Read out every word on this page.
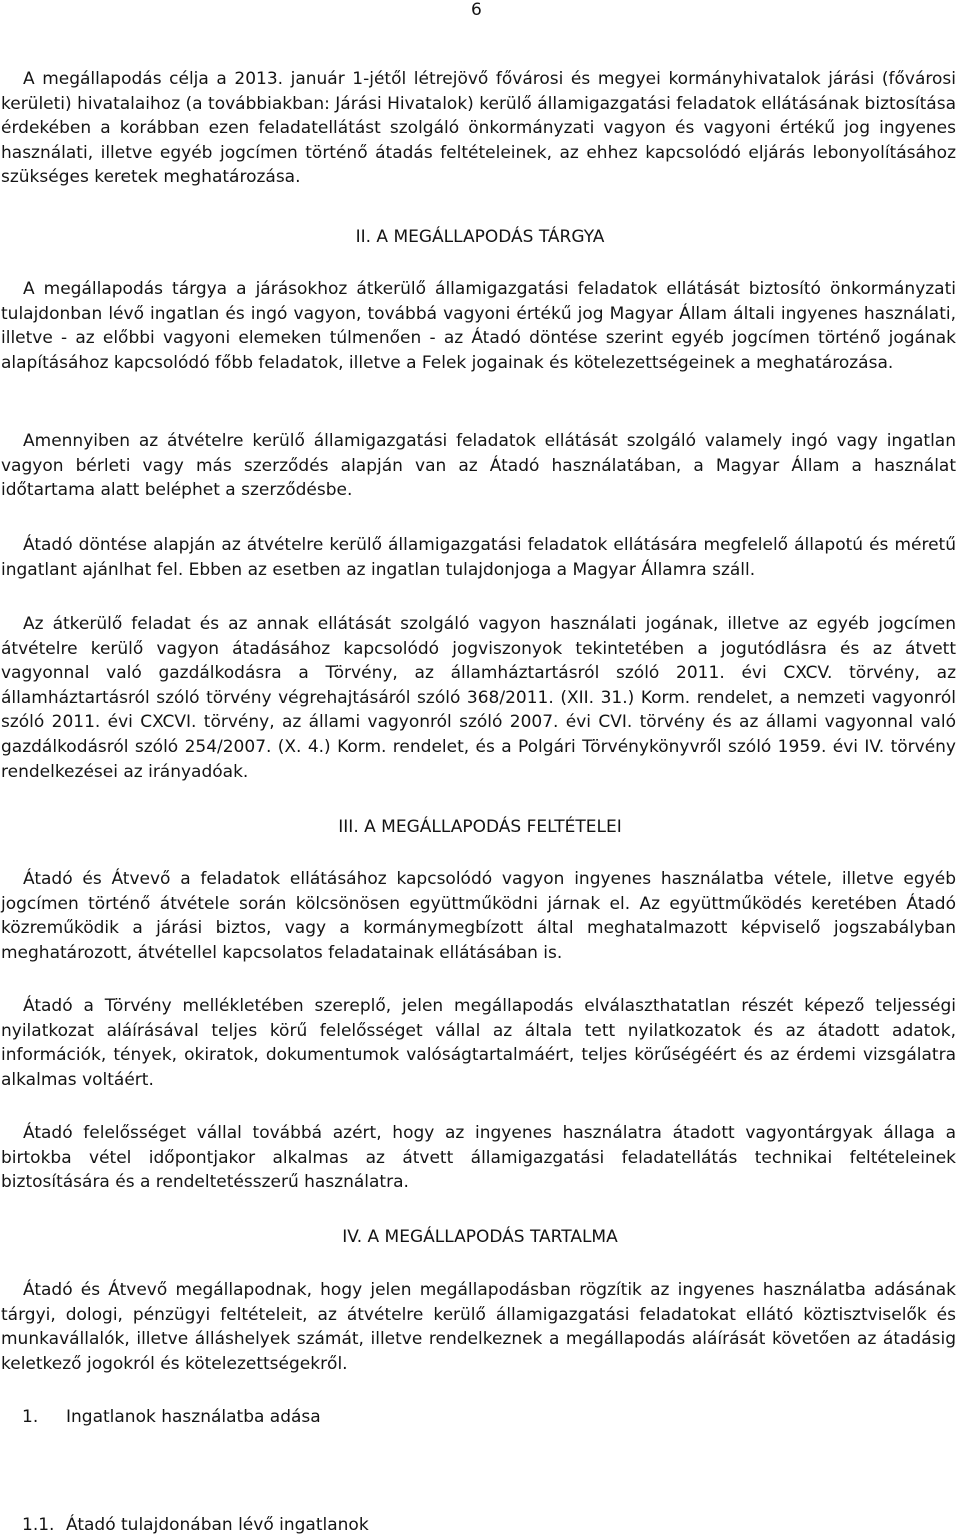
6

A megállapodás célja a 2013. január 1-jétől létrejövő fővárosi és megyei kormányhivatalok járási (fővárosi kerületi) hivatalaihoz (a továbbiakban: Járási Hivatalok) kerülő államigazgatási feladatok ellátásának biztosítása érdekében a korábban ezen feladatellátást szolgáló önkormányzati vagyon és vagyoni értékű jog ingyenes használati, illetve egyéb jogcímen történő átadás feltételeinek, az ehhez kapcsolódó eljárás lebonyolításához szükséges keretek meghatározása.

II. A MEGÁLLAPODÁS TÁRGYA

A megállapodás tárgya a járásokhoz átkerülő államigazgatási feladatok ellátását biztosító önkormányzati tulajdonban lévő ingatlan és ingó vagyon, továbbá vagyoni értékű jog Magyar Állam általi ingyenes használati, illetve - az előbbi vagyoni elemeken túlmenően - az Átadó döntése szerint egyéb jogcímen történő jogának alapításához kapcsolódó főbb feladatok, illetve a Felek jogainak és kötelezettségeinek a meghatározása.

Amennyiben az átvételre kerülő államigazgatási feladatok ellátását szolgáló valamely ingó vagy ingatlan vagyon bérleti vagy más szerződés alapján van az Átadó használatában, a Magyar Állam a használat időtartama alatt beléphet a szerződésbe.

Átadó döntése alapján az átvételre kerülő államigazgatási feladatok ellátására megfelelő állapotú és méretű ingatlant ajánlhat fel. Ebben az esetben az ingatlan tulajdonjoga a Magyar Államra száll.

Az átkerülő feladat és az annak ellátását szolgáló vagyon használati jogának, illetve az egyéb jogcímen átvételre kerülő vagyon átadásához kapcsolódó jogviszonyok tekintetében a jogutódlásra és az átvett vagyonnal való gazdálkodásra a Törvény, az államháztartásról szóló 2011. évi CXCV. törvény, az államháztartásról szóló törvény végrehajtásáról szóló 368/2011. (XII. 31.) Korm. rendelet, a nemzeti vagyonról szóló 2011. évi CXCVI. törvény, az állami vagyonról szóló 2007. évi CVI. törvény és az állami vagyonnal való gazdálkodásról szóló 254/2007. (X. 4.) Korm. rendelet, és a Polgári Törvénykönyvről szóló 1959. évi IV. törvény rendelkezései az irányadóak.

III. A MEGÁLLAPODÁS FELTÉTELEI

Átadó és Átvevő a feladatok ellátásához kapcsolódó vagyon ingyenes használatba vétele, illetve egyéb jogcímen történő átvétele során kölcsönösen együttműködni járnak el. Az együttműködés keretében Átadó közreműködik a járási biztos, vagy a kormánymegbízott által meghatalmazott képviselő jogszabályban meghatározott, átvétellel kapcsolatos feladatainak ellátásában is.

Átadó a Törvény mellékletében szereplő, jelen megállapodás elválaszthatatlan részét képező teljességi nyilatkozat aláírásával teljes körű felelősséget vállal az általa tett nyilatkozatok és az átadott adatok, információk, tények, okiratok, dokumentumok valóságtartalmáért, teljes körűségéért és az érdemi vizsgálatra alkalmas voltáért.

Átadó felelősséget vállal továbbá azért, hogy az ingyenes használatra átadott vagyontárgyak állaga a birtokba vétel időpontjakor alkalmas az átvett államigazgatási feladatellátás technikai feltételeinek biztosítására és a rendeltetésszerű használatra.

IV. A MEGÁLLAPODÁS TARTALMA

Átadó és Átvevő megállapodnak, hogy jelen megállapodásban rögzítik az ingyenes használatba adásának tárgyi, dologi, pénzügyi feltételeit, az átvételre kerülő államigazgatási feladatokat ellátó köztisztviselők és munkavállalók, illetve álláshelyek számát, illetve rendelkeznek a megállapodás aláírását követően az átadásig keletkező jogokról és kötelezettségekről.

1. Ingatlanok használatba adása

1.1. Átadó tulajdonában lévő ingatlanok
